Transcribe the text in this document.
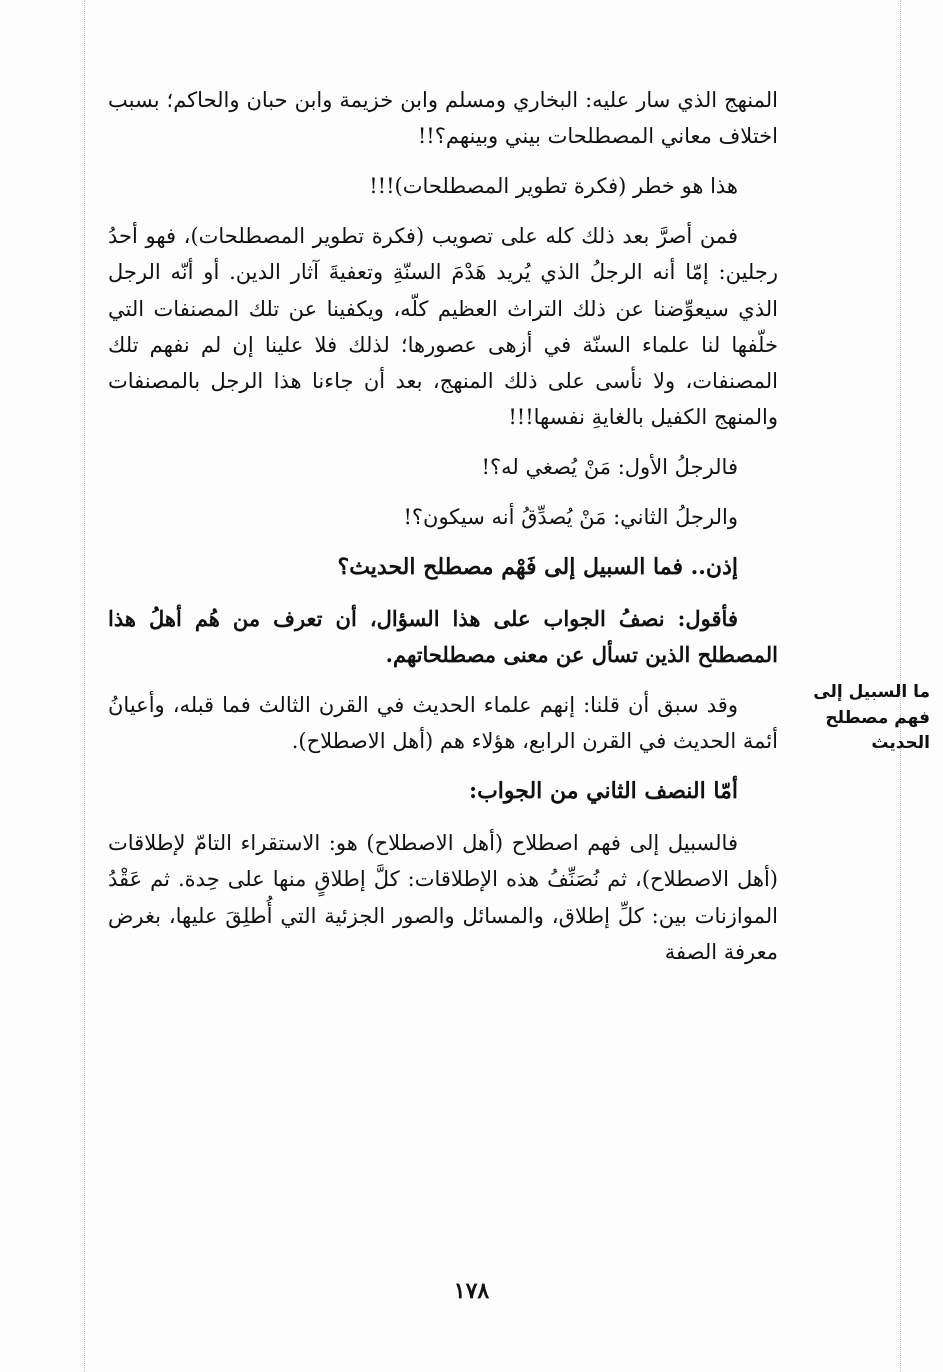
المنهج الذي سار عليه: البخاري ومسلم وابن خزيمة وابن حبان والحاكم؛ بسبب اختلاف معاني المصطلحات بيني وبينهم؟!!

هذا هو خطر (فكرة تطوير المصطلحات)!!!

فمن أصرَّ بعد ذلك كله على تصويب (فكرة تطوير المصطلحات)، فهو أحدُ رجلين: إمّا أنه الرجلُ الذي يُريد هَدْمَ السنّةِ وتعفيةَ آثار الدين. أو أنّه الرجل الذي سيعوِّضنا عن ذلك التراث العظيم كلّه، ويكفينا عن تلك المصنفات التي خلّفها لنا علماء السنّة في أزهى عصورها؛ لذلك فلا علينا إن لم نفهم تلك المصنفات، ولا نأسى على ذلك المنهج، بعد أن جاءنا هذا الرجل بالمصنفات والمنهج الكفيل بالغايةِ نفسها!!!

فالرجلُ الأول: مَنْ يُصغي له؟!

والرجلُ الثاني: مَنْ يُصدِّقُ أنه سيكون؟!

إذن.. فما السبيل إلى فَهْم مصطلح الحديث؟

فأقول: نصفُ الجواب على هذا السؤال، أن تعرف من هُم أهلُ هذا المصطلح الذين تسأل عن معنى مصطلحاتهم.

وقد سبق أن قلنا: إنهم علماء الحديث في القرن الثالث فما قبله، وأعيانُ أئمة الحديث في القرن الرابع، هؤلاء هم (أهل الاصطلاح).

أمّا النصف الثاني من الجواب:

فالسبيل إلى فهم اصطلاح (أهل الاصطلاح) هو: الاستقراء التامّ لإطلاقات (أهل الاصطلاح)، ثم نُصَنِّفُ هذه الإطلاقات: كلَّ إطلاقٍ منها على حِدة. ثم عَقْدُ الموازنات بين: كلِّ إطلاق، والمسائل والصور الجزئية التي أُطلِقَ عليها، بغرض معرفة الصفة

ما السبيل إلى
فهم مصطلح
الحديث
١٧٨
